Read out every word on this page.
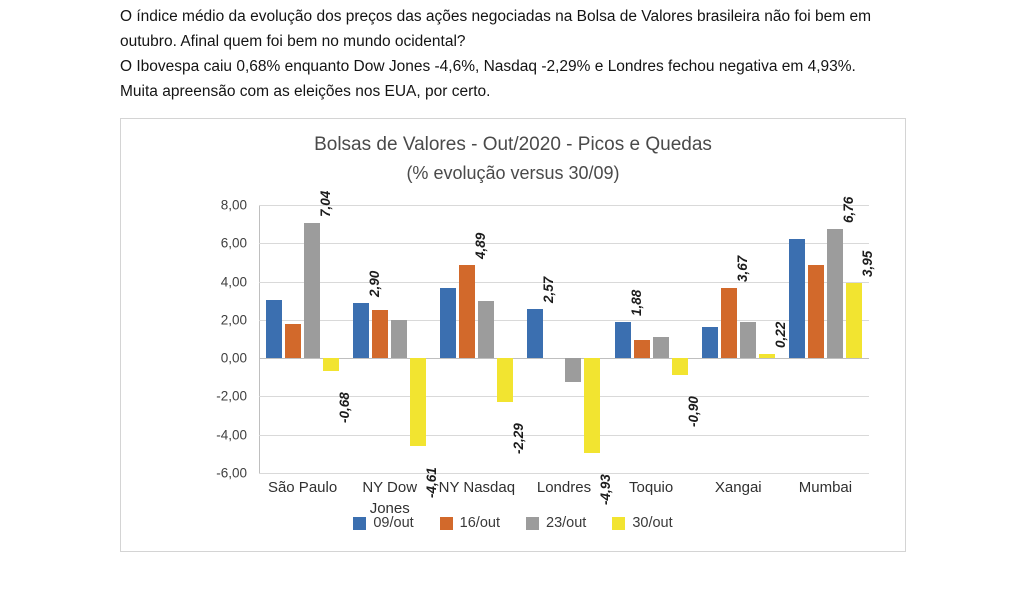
O índice médio da evolução dos preços das ações negociadas na Bolsa de Valores brasileira não foi bem em outubro. Afinal quem foi bem no mundo ocidental?

O Ibovespa caiu 0,68% enquanto Dow Jones -4,6%, Nasdaq -2,29% e Londres fechou negativa em 4,93%.

Muita apreensão com as eleições nos EUA, por certo.

Bolsas de Valores - Out/2020 - Picos e Quedas
(% evolução versus 30/09)
8,00
6,00
4,00
2,00
0,00
-2,00
-4,00
-6,00
7,04
-0,68
2,90
-4,61
4,89
-2,29
2,57
-4,93
1,88
-0,90
3,67
0,22
6,76
3,95
São Paulo	NY Dow Jones
NY Nasdaq	Londres	Toquio	Xangai	Mumbai
09/out	16/out	23/out	30/out
